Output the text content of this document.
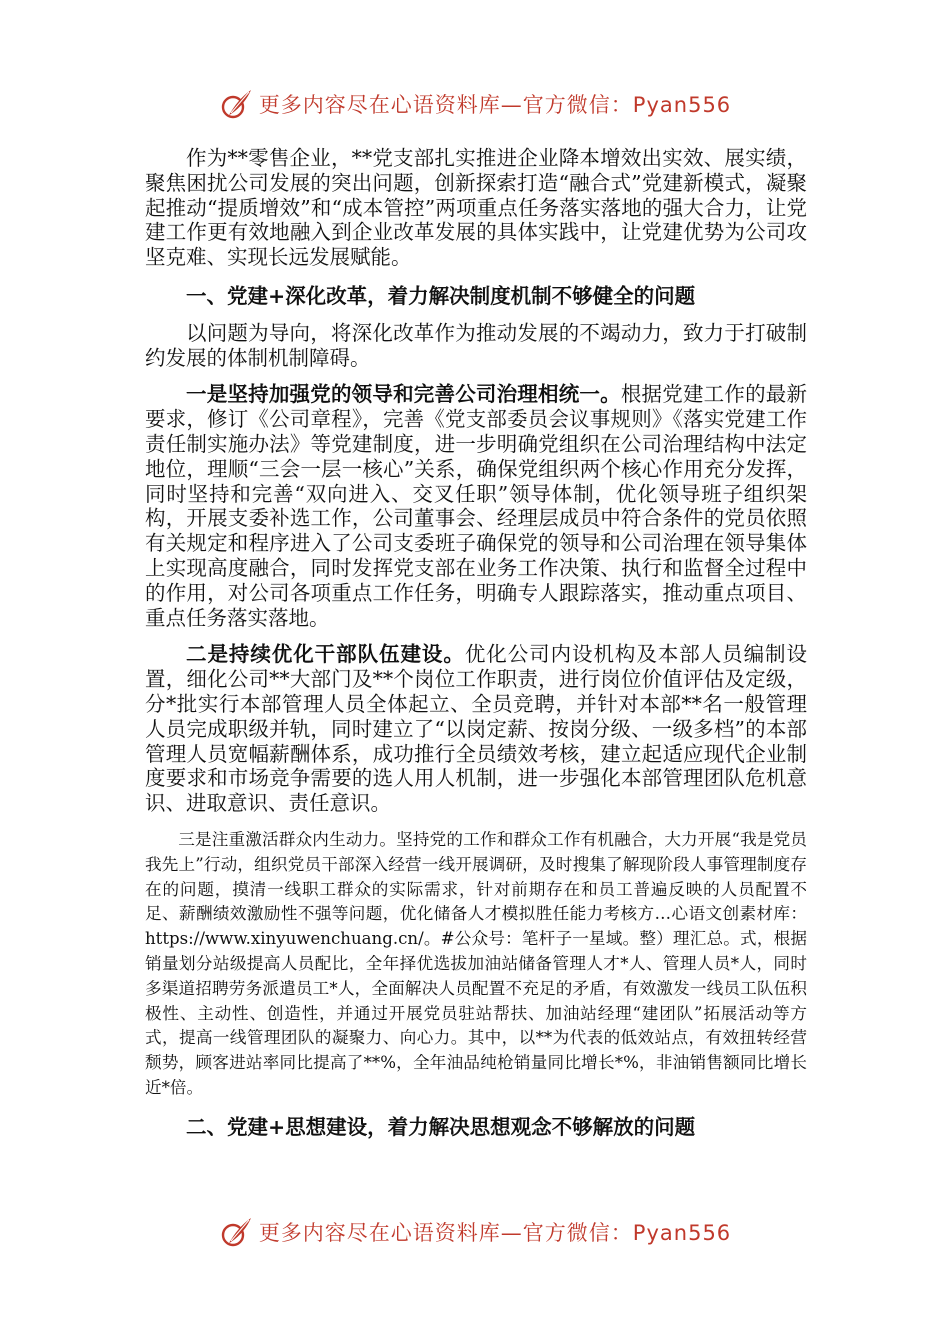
更多内容尽在心语资料库—官方微信：Pyan556

作为**零售企业，**党支部扎实推进企业降本增效出实效、展实绩，聚焦困扰公司发展的突出问题，创新探索打造“融合式”党建新模式，凝聚起推动“提质增效”和“成本管控”两项重点任务落实落地的强大合力，让党建工作更有效地融入到企业改革发展的具体实践中，让党建优势为公司攻坚克难、实现长远发展赋能。

一、党建+深化改革，着力解决制度机制不够健全的问题

以问题为导向，将深化改革作为推动发展的不竭动力，致力于打破制约发展的体制机制障碍。

一是坚持加强党的领导和完善公司治理相统一。根据党建工作的最新要求，修订《公司章程》，完善《党支部委员会议事规则》《落实党建工作责任制实施办法》等党建制度，进一步明确党组织在公司治理结构中法定地位，理顺“三会一层一核心”关系，确保党组织两个核心作用充分发挥，同时坚持和完善“双向进入、交叉任职”领导体制，优化领导班子组织架构，开展支委补选工作，公司董事会、经理层成员中符合条件的党员依照有关规定和程序进入了公司支委班子确保党的领导和公司治理在领导集体上实现高度融合，同时发挥党支部在业务工作决策、执行和监督全过程中的作用，对公司各项重点工作任务，明确专人跟踪落实，推动重点项目、重点任务落实落地。

二是持续优化干部队伍建设。优化公司内设机构及本部人员编制设置，细化公司**大部门及**个岗位工作职责，进行岗位价值评估及定级，分*批实行本部管理人员全体起立、全员竞聘，并针对本部**名一般管理人员完成职级并轨，同时建立了“以岗定薪、按岗分级、一级多档”的本部管理人员宽幅薪酬体系，成功推行全员绩效考核，建立起适应现代企业制度要求和市场竞争需要的选人用人机制，进一步强化本部管理团队危机意识、进取意识、责任意识。

三是注重激活群众内生动力。坚持党的工作和群众工作有机融合，大力开展“我是党员我先上”行动，组织党员干部深入经营一线开展调研，及时搜集了解现阶段人事管理制度存在的问题，摸清一线职工群众的实际需求，针对前期存在和员工普遍反映的人员配置不足、薪酬绩效激励性不强等问题，优化储备人才模拟胜任能力考核方…心语文创素材库：https://www.xinyuwenchuang.cn/。#公众号：笔杆子一星域。整）理汇总。式，根据销量划分站级提高人员配比，全年择优选拔加油站储备管理人才*人、管理人员*人，同时多渠道招聘劳务派遣员工*人，全面解决人员配置不充足的矛盾，有效激发一线员工队伍积极性、主动性、创造性，并通过开展党员驻站帮扶、加油站经理“建团队”拓展活动等方式，提高一线管理团队的凝聚力、向心力。其中，以**为代表的低效站点，有效扭转经营颓势，顾客进站率同比提高了**%，全年油品纯枪销量同比增长*%，非油销售额同比增长近*倍。

二、党建+思想建设，着力解决思想观念不够解放的问题

更多内容尽在心语资料库—官方微信：Pyan556
